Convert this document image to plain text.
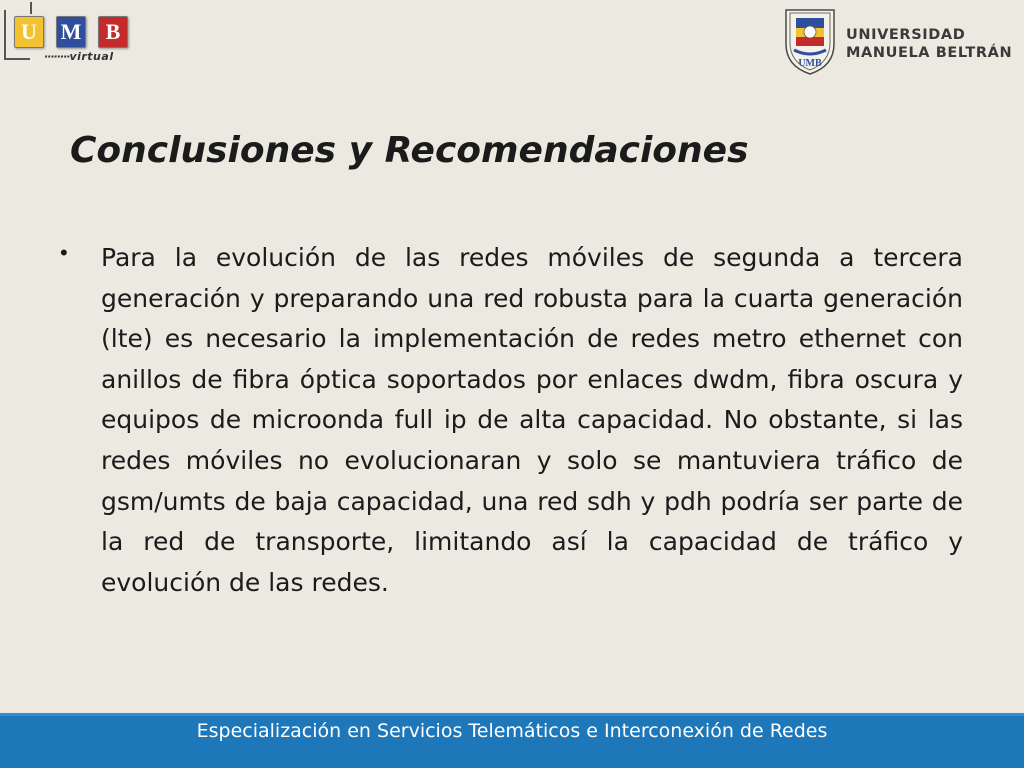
U	M	B
········virtual
UMB
UNIVERSIDAD
MANUELA BELTRÁN
Conclusiones y Recomendaciones
• Para la evolución de las redes móviles de segunda a tercera generación y preparando una red robusta para la cuarta generación (lte) es necesario la implementación de redes metro ethernet con anillos de fibra óptica soportados por enlaces dwdm, fibra oscura y equipos de microonda full ip de alta capacidad. No obstante, si las redes móviles no evolucionaran y solo se mantuviera tráfico de gsm/umts de baja capacidad, una red sdh y pdh podría ser parte de la red de transporte, limitando así la capacidad de tráfico y evolución de las redes.

Especialización en Servicios Telemáticos e Interconexión de Redes
